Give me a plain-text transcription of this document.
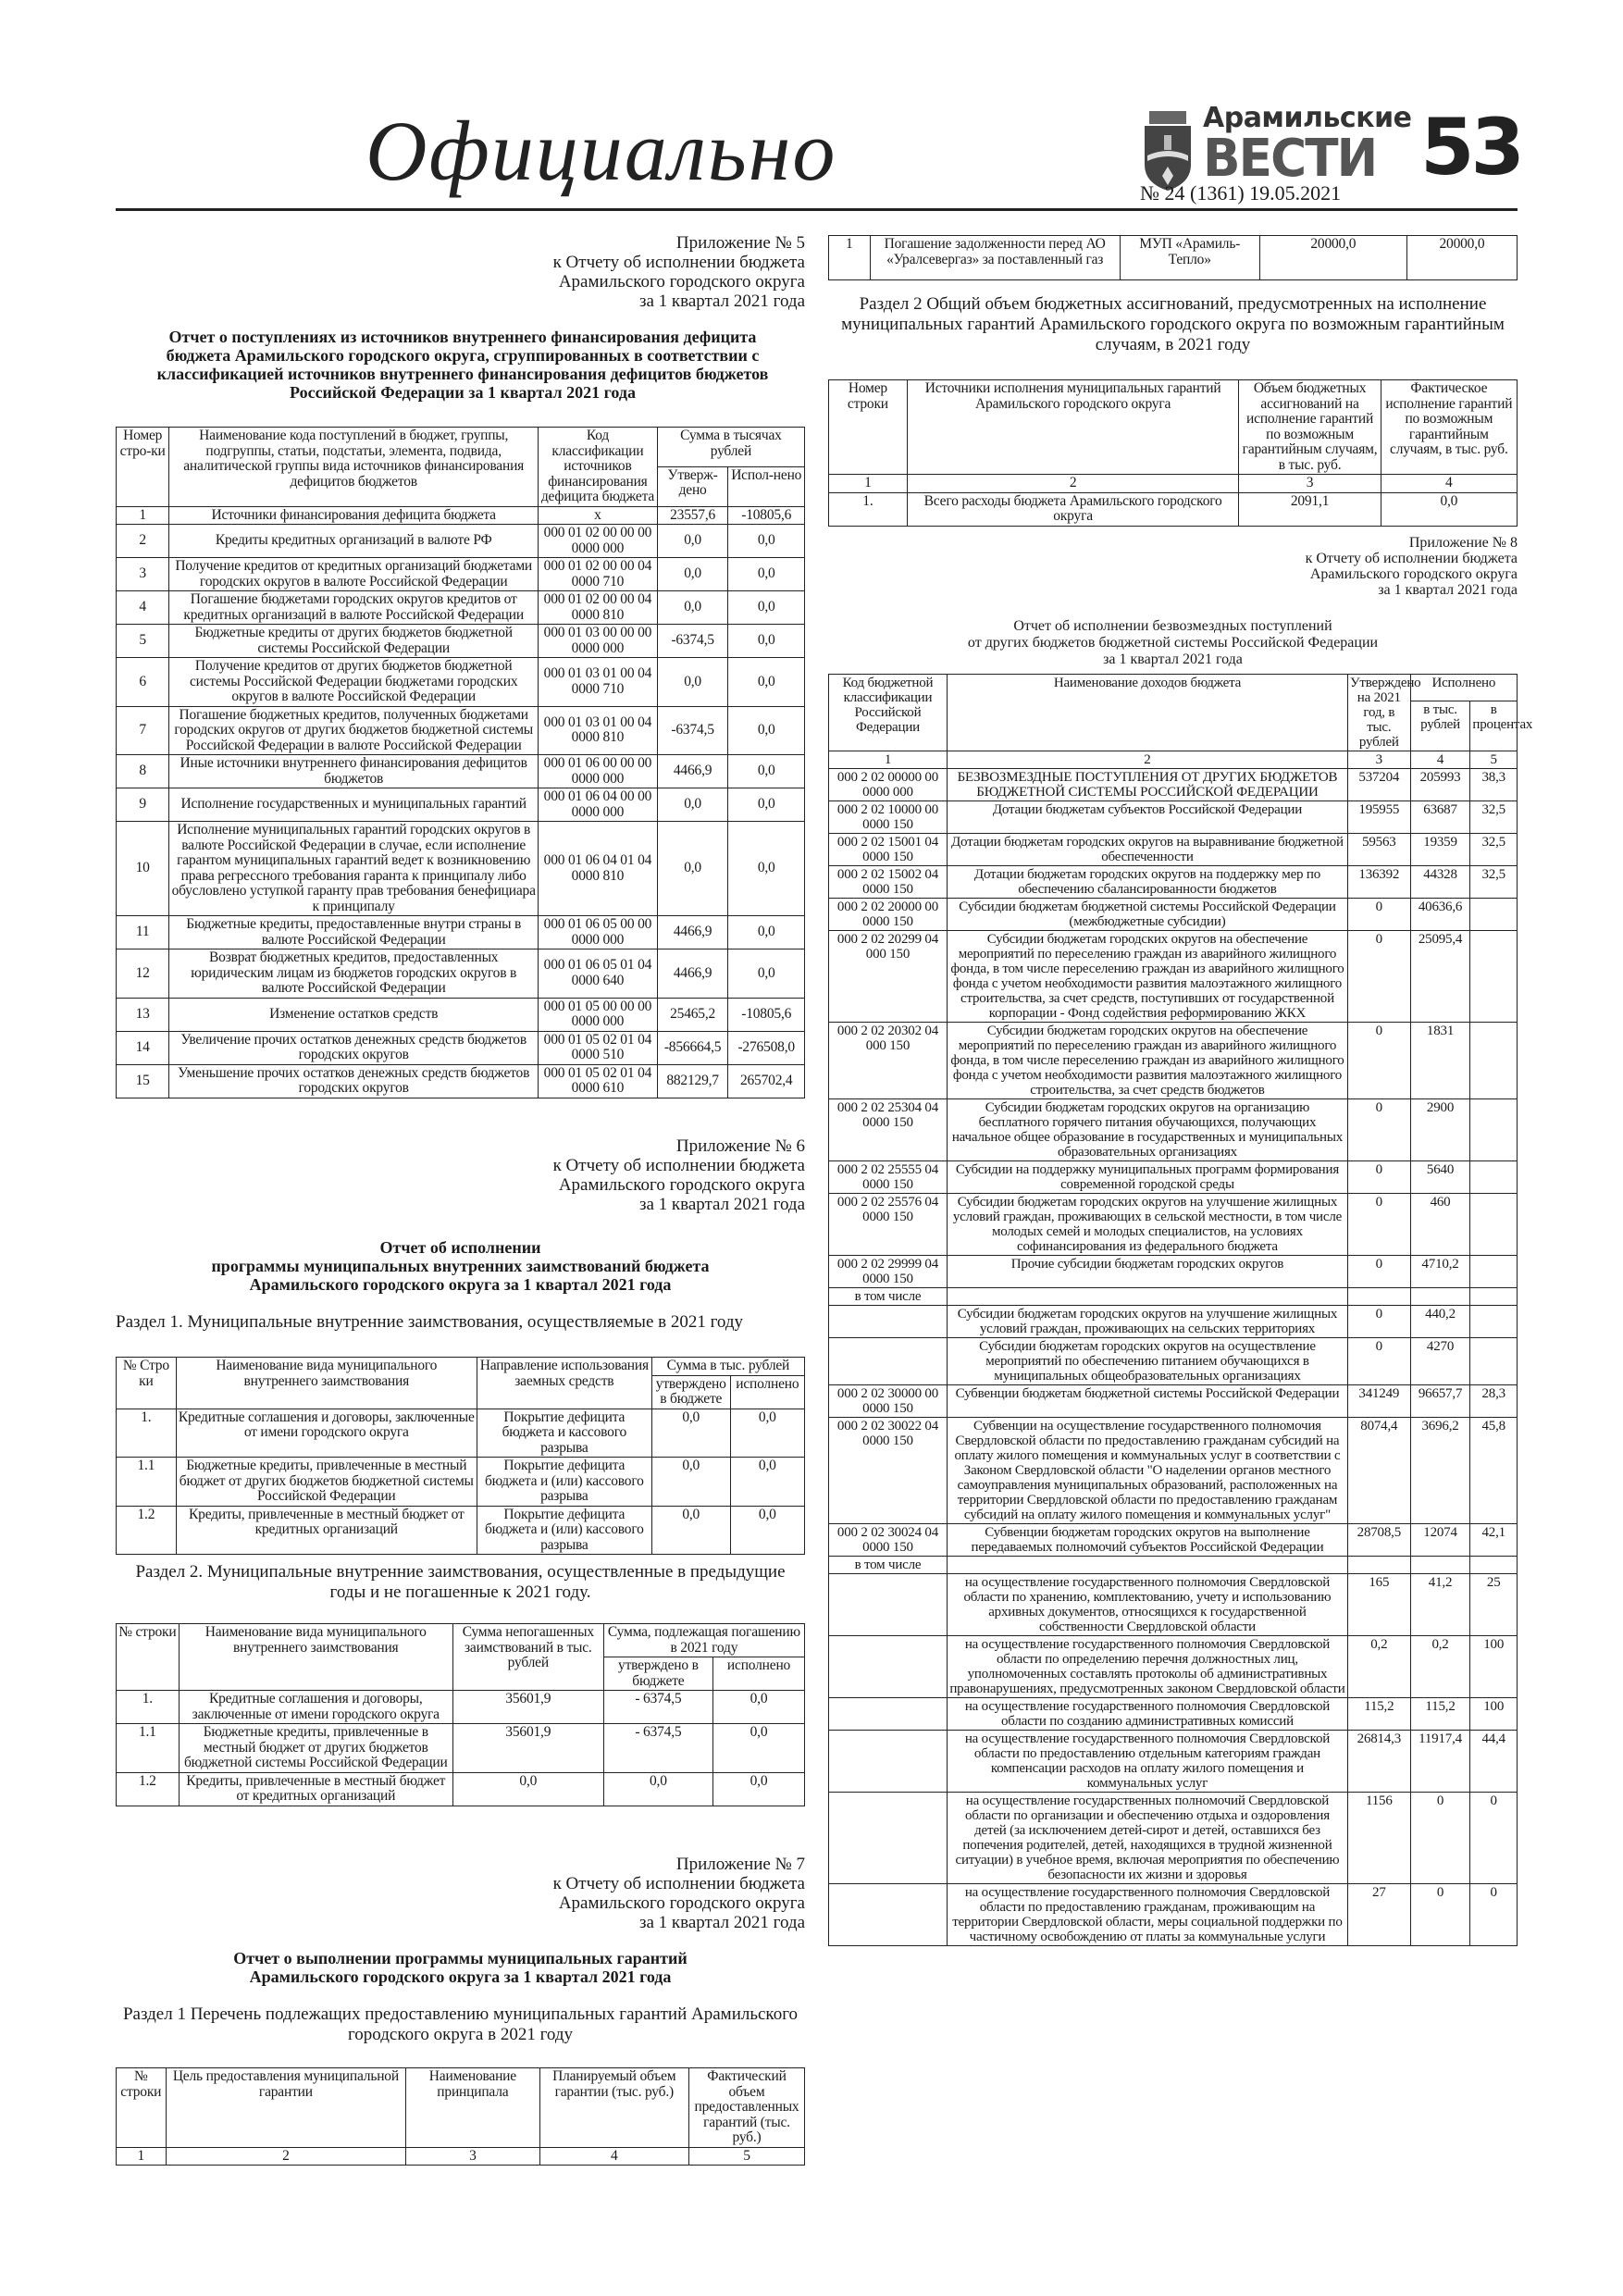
Официально	Арамильские
ВЕСТИ
№ 24 (1361) 19.05.2021
53
Приложение № 5
к Отчету об исполнении бюджета
Арамильского городского округа
за 1 квартал 2021 года
Отчет о поступлениях из источников внутреннего финансирования дефицита бюджета Арамильского городского округа, сгруппированных в соответствии с классификацией источников внутреннего финансирования дефицитов бюджетов Российской Федерации за 1 квартал 2021 года
Номер стро-ки	Наименование кода поступлений в бюджет, группы, подгруппы, статьи, подстатьи, элемента, подвида, аналитической группы вида источников финансирования дефицитов бюджетов	Код классификации источников финансирования дефицита бюджета	Сумма в тысячах рублей	
			Утверж-дено	Испол-нено
1	Источники финансирования дефицита бюджета	х	23557,6	-10805,6
2	Кредиты кредитных организаций в валюте РФ	000 01 02 00 00 00 0000 000	0,0	0,0
3	Получение кредитов от кредитных организаций бюджетами городских округов в валюте Российской Федерации	000 01 02 00 00 04 0000 710	0,0	0,0
4	Погашение бюджетами городских округов кредитов от кредитных организаций в валюте Российской Федерации	000 01 02 00 00 04 0000 810	0,0	0,0
5	Бюджетные кредиты от других бюджетов бюджетной системы Российской Федерации	000 01 03 00 00 00 0000 000	-6374,5	0,0
6	Получение кредитов от других бюджетов бюджетной системы Российской Федерации бюджетами городских округов в валюте Российской Федерации	000 01 03 01 00 04 0000 710	0,0	0,0
7	Погашение бюджетных кредитов, полученных бюджетами городских округов от других бюджетов бюджетной системы Российской Федерации в валюте Российской Федерации	000 01 03 01 00 04 0000 810	-6374,5	0,0
8	Иные источники внутреннего финансирования дефицитов бюджетов	000 01 06 00 00 00 0000 000	4466,9	0,0
9	Исполнение государственных и муниципальных гарантий	000 01 06 04 00 00 0000 000	0,0	0,0
10	Исполнение муниципальных гарантий городских округов в валюте Российской Федерации в случае, если исполнение гарантом муниципальных гарантий ведет к возникновению права регрессного требования гаранта к принципалу либо обусловлено уступкой гаранту прав требования бенефициара к принципалу	000 01 06 04 01 04 0000 810	0,0	0,0
11	Бюджетные кредиты, предоставленные внутри страны в валюте Российской Федерации	000 01 06 05 00 00 0000 000	4466,9	0,0
12	Возврат бюджетных кредитов, предоставленных юридическим лицам из бюджетов городских округов в валюте Российской Федерации	000 01 06 05 01 04 0000 640	4466,9	0,0
13	Изменение остатков средств	000 01 05 00 00 00 0000 000	25465,2	-10805,6
14	Увеличение прочих остатков денежных средств бюджетов городских округов	000 01 05 02 01 04 0000 510	-856664,5	-276508,0
15	Уменьшение прочих остатков денежных средств бюджетов городских округов	000 01 05 02 01 04 0000 610	882129,7	265702,4
Приложение № 6
к Отчету об исполнении бюджета
Арамильского городского округа
за 1 квартал 2021 года
Отчет об исполнении
программы муниципальных внутренних заимствований бюджета
Арамильского городского округа за 1 квартал 2021 года
Раздел 1. Муниципальные внутренние заимствования, осуществляемые в 2021 году
№ Стро ки	Наименование вида муниципального внутреннего заимствования	Направление использования заемных средств	Сумма в тыс. рублей	
			утверждено в бюджете	исполнено
1.	Кредитные соглашения и договоры, заключенные от имени городского округа	Покрытие дефицита бюджета и кассового разрыва	0,0	0,0
1.1	Бюджетные кредиты, привлеченные в местный бюджет от других бюджетов бюджетной системы Российской Федерации	Покрытие дефицита бюджета и (или) кассового разрыва	0,0	0,0
1.2	Кредиты, привлеченные в местный бюджет от кредитных организаций	Покрытие дефицита бюджета и (или) кассового разрыва	0,0	0,0
Раздел 2. Муниципальные внутренние заимствования, осуществленные в предыдущие годы и не погашенные к 2021 году.
№ строки	Наименование вида муниципального внутреннего заимствования	Сумма непогашенных заимствований в тыс. рублей	Сумма, подлежащая погашению в 2021 году	
			утверждено в бюджете	исполнено
1.	Кредитные соглашения и договоры, заключенные от имени городского округа	35601,9	- 6374,5	0,0
1.1	Бюджетные кредиты, привлеченные в местный бюджет от других бюджетов бюджетной системы Российской Федерации	35601,9	- 6374,5	0,0
1.2	Кредиты, привлеченные в местный бюджет от кредитных организаций	0,0	0,0	0,0
Приложение № 7
к Отчету об исполнении бюджета
Арамильского городского округа
за 1 квартал 2021 года
Отчет о выполнении программы муниципальных гарантий
Арамильского городского округа за 1 квартал 2021 года
Раздел 1 Перечень подлежащих предоставлению муниципальных гарантий Арамильского городского округа в 2021 году
№ строки	Цель предоставления муниципальной гарантии	Наименование принципала	Планируемый объем гарантии (тыс. руб.)	Фактический объем предоставленных гарантий (тыс. руб.)
1	2	3	4	5
1	Погашение задолженности перед АО «Уралсевергаз» за поставленный газ	МУП «Арамиль-Тепло»	20000,0	20000,0
Раздел 2 Общий объем бюджетных ассигнований, предусмотренных на исполнение муниципальных гарантий Арамильского городского округа по возможным гарантийным случаям, в 2021 году
Номер строки	Источники исполнения муниципальных гарантий Арамильского городского округа	Объем бюджетных ассигнований на исполнение гарантий по возможным гарантийным случаям, в тыс. руб.	Фактическое исполнение гарантий по возможным гарантийным случаям, в тыс. руб.
1	2	3	4
1.	Всего расходы бюджета Арамильского городского округа	2091,1	0,0
Приложение № 8
к Отчету об исполнении бюджета
Арамильского городского округа
за 1 квартал 2021 года
Отчет об исполнении безвозмездных поступлений
от других бюджетов бюджетной системы Российской Федерации
за 1 квартал 2021 года
Код бюджетной классификации Российской Федерации	Наименование доходов бюджета	Утверждено на 2021 год, в тыс. рублей	Исполнено	
			в тыс. рублей	в процентах
1	2	3	4	5
000 2 02 00000 00 0000 000	БЕЗВОЗМЕЗДНЫЕ ПОСТУПЛЕНИЯ ОТ ДРУГИХ БЮДЖЕТОВ БЮДЖЕТНОЙ СИСТЕМЫ РОССИЙСКОЙ ФЕДЕРАЦИИ	537204	205993	38,3
000 2 02 10000 00 0000 150	Дотации бюджетам субъектов Российской Федерации	195955	63687	32,5
000 2 02 15001 04 0000 150	Дотации бюджетам городских округов на выравнивание бюджетной обеспеченности	59563	19359	32,5
000 2 02 15002 04 0000 150	Дотации бюджетам городских округов на поддержку мер по обеспечению сбалансированности бюджетов	136392	44328	32,5
000 2 02 20000 00 0000 150	Субсидии бюджетам бюджетной системы Российской Федерации (межбюджетные субсидии)	0	40636,6	
000 2 02 20299 04 000 150	Субсидии бюджетам городских округов на обеспечение мероприятий по переселению граждан из аварийного жилищного фонда, в том числе переселению граждан из аварийного жилищного фонда с учетом необходимости развития малоэтажного жилищного строительства, за счет средств, поступивших от государственной корпорации - Фонд содействия реформированию ЖКХ	0	25095,4	
000 2 02 20302 04 000 150	Субсидии бюджетам городских округов на обеспечение мероприятий по переселению граждан из аварийного жилищного фонда, в том числе переселению граждан из аварийного жилищного фонда с учетом необходимости развития малоэтажного жилищного строительства, за счет средств бюджетов	0	1831	
000 2 02 25304 04 0000 150	Субсидии бюджетам городских округов на организацию бесплатного горячего питания обучающихся, получающих начальное общее образование в государственных и муниципальных образовательных организациях	0	2900	
000 2 02 25555 04 0000 150	Субсидии на поддержку муниципальных программ формирования современной городской среды	0	5640	
000 2 02 25576 04 0000 150	Субсидии бюджетам городских округов на улучшение жилищных условий граждан, проживающих в сельской местности, в том числе молодых семей и молодых специалистов, на условиях софинансирования из федерального бюджета	0	460	
000 2 02 29999 04 0000 150	Прочие субсидии бюджетам городских округов	0	4710,2	
в том числе				
	Субсидии бюджетам городских округов на улучшение жилищных условий граждан, проживающих на сельских территориях	0	440,2	
	Субсидии бюджетам городских округов на осуществление мероприятий по обеспечению питанием обучающихся в муниципальных общеобразовательных организациях	0	4270	
000 2 02 30000 00 0000 150	Субвенции бюджетам бюджетной системы Российской Федерации	341249	96657,7	28,3
000 2 02 30022 04 0000 150	Субвенции на осуществление государственного полномочия Свердловской области по предоставлению гражданам субсидий на оплату жилого помещения и коммунальных услуг в соответствии с Законом Свердловской области "О наделении органов местного самоуправления муниципальных образований, расположенных на территории Свердловской области по предоставлению гражданам субсидий на оплату жилого помещения и коммунальных услуг"	8074,4	3696,2	45,8
000 2 02 30024 04 0000 150	Субвенции бюджетам городских округов на выполнение передаваемых полномочий субъектов Российской Федерации	28708,5	12074	42,1
в том числе				
	на осуществление государственного полномочия Свердловской области по хранению, комплектованию, учету и использованию архивных документов, относящихся к государственной собственности Свердловской области	165	41,2	25
	на осуществление государственного полномочия Свердловской области по определению перечня должностных лиц, уполномоченных составлять протоколы об административных правонарушениях, предусмотренных законом Свердловской области	0,2	0,2	100
	на осуществление государственного полномочия Свердловской области по созданию административных комиссий	115,2	115,2	100
	на осуществление государственного полномочия Свердловской области по предоставлению отдельным категориям граждан компенсации расходов на оплату жилого помещения и коммунальных услуг	26814,3	11917,4	44,4
	на осуществление государственных полномочий Свердловской области по организации и обеспечению отдыха и оздоровления детей (за исключением детей-сирот и детей, оставшихся без попечения родителей, детей, находящихся в трудной жизненной ситуации) в учебное время, включая мероприятия по обеспечению безопасности их жизни и здоровья	1156	0	0
	на осуществление государственного полномочия Свердловской области по предоставлению гражданам, проживающим на территории Свердловской области, меры социальной поддержки по частичному освобождению от платы за коммунальные услуги	27	0	0
